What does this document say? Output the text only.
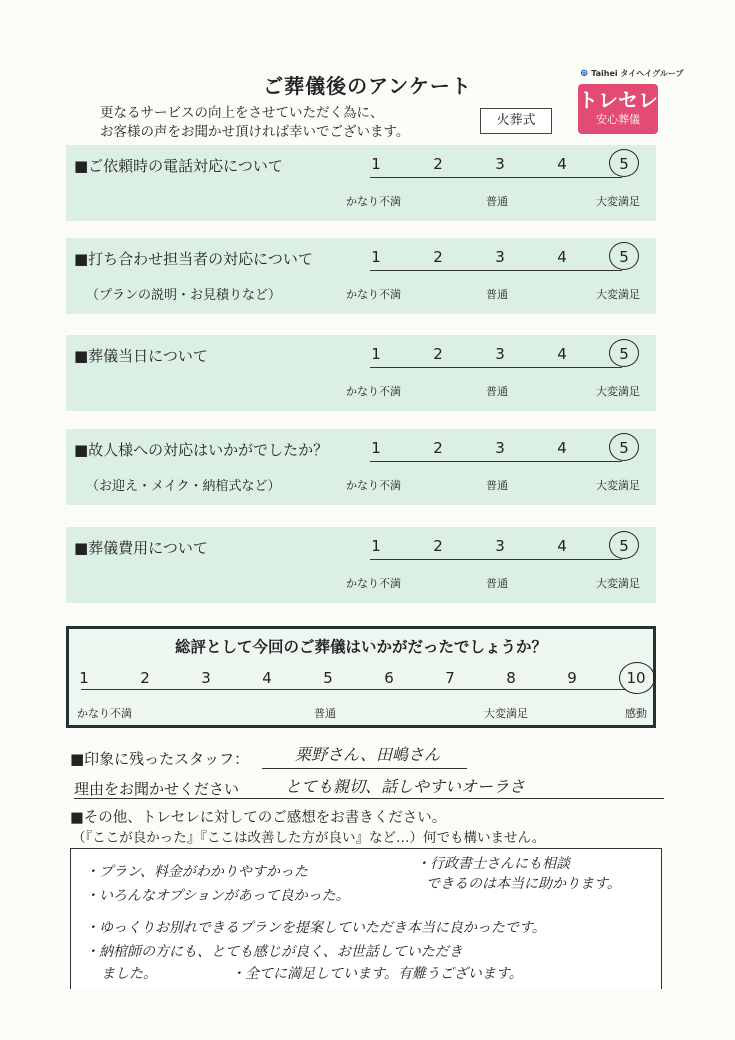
ご葬儀後のアンケート
更なるサービスの向上をさせていただく為に、
お客様の声をお聞かせ頂ければ幸いでございます。
火葬式
⊕ Taihei タイヘイグループ
トレセレ
安心葬儀
■ご依頼時の電話対応について	1	2	3	4	5
かなり不満	普通	大変満足
■打ち合わせ担当者の対応について
（プランの説明・お見積りなど）
1	2	3	4	5
かなり不満	普通	大変満足
■葬儀当日について	1	2	3	4	5
かなり不満	普通	大変満足
■故人様への対応はいかがでしたか？
（お迎え・メイク・納棺式など）
1	2	3	4	5
かなり不満	普通	大変満足
■葬儀費用について	1	2	3	4	5
かなり不満	普通	大変満足
総評として今回のご葬儀はいかがだったでしょうか？
1	2	3	4	5	6	7	8	9	10
かなり不満	普通	大変満足	感動
■印象に残ったスタッフ：	栗野さん、田嶋さん
理由をお聞かせください	とても親切、話しやすいオーラさ
■その他、トレセレに対してのご感想をお書きください。
（『ここが良かった』『ここは改善した方が良い』など…）何でも構いません。
・プラン、料金がわかりやすかった	・行政書士さんにも相談
できるのは本当に助かります。
・いろんなオプションがあって良かった。
・ゆっくりお別れできるプランを提案していただき本当に良かったです。
・納棺師の方にも、とても感じが良く、お世話していただき
ました。	・全てに満足しています。有難うございます。
